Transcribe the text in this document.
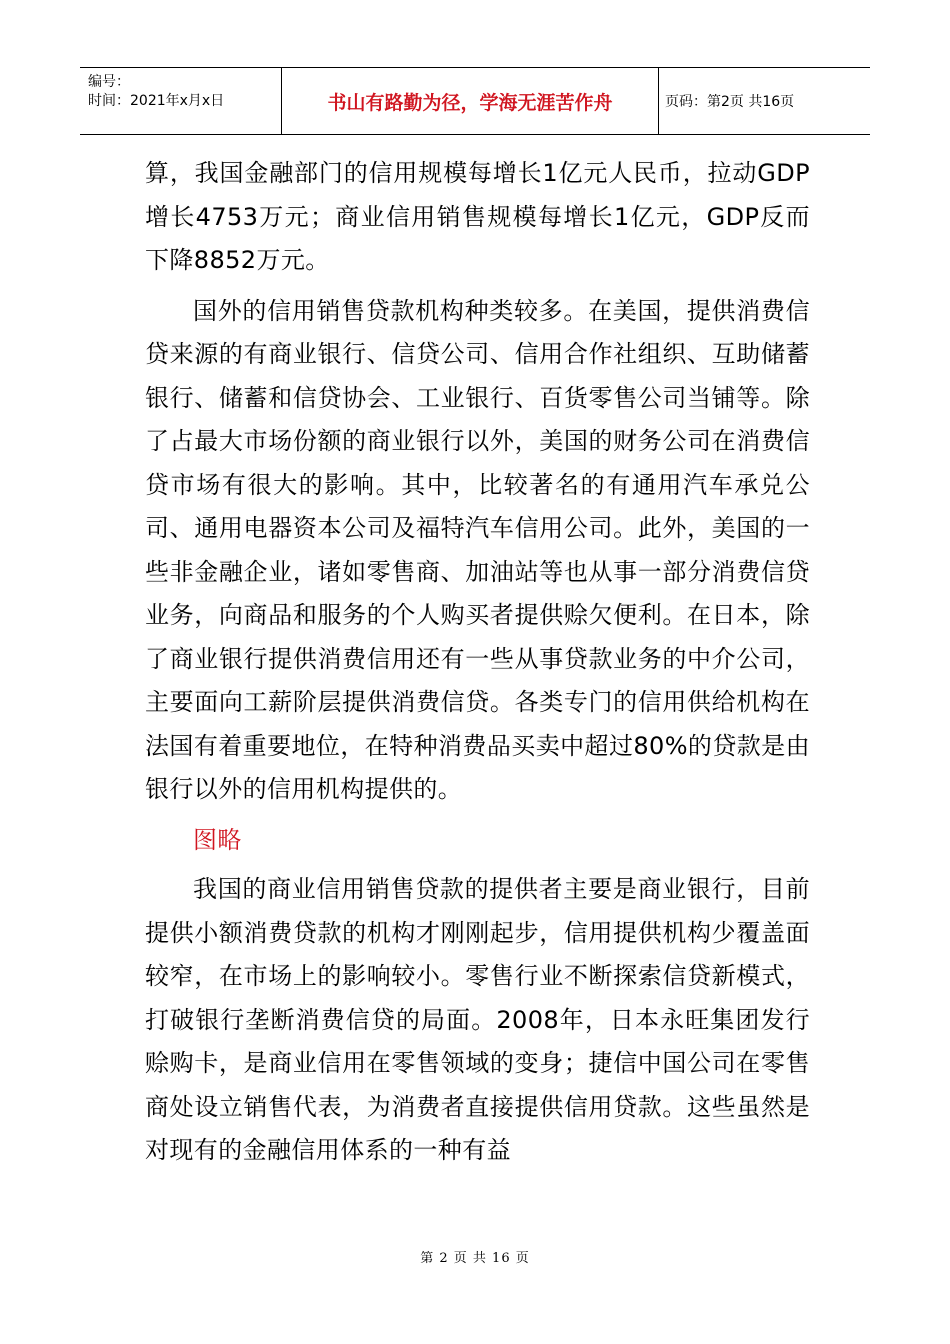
编号：
时间：2021年x月x日	书山有路勤为径，学海无涯苦作舟	页码：第2页 共16页

算，我国金融部门的信用规模每增长1亿元人民币，拉动GDP增长4753万元；商业信用销售规模每增长1亿元，GDP反而下降8852万元。

国外的信用销售贷款机构种类较多。在美国，提供消费信贷来源的有商业银行、信贷公司、信用合作社组织、互助储蓄银行、储蓄和信贷协会、工业银行、百货零售公司当铺等。除了占最大市场份额的商业银行以外，美国的财务公司在消费信贷市场有很大的影响。其中，比较著名的有通用汽车承兑公司、通用电器资本公司及福特汽车信用公司。此外，美国的一些非金融企业，诸如零售商、加油站等也从事一部分消费信贷业务，向商品和服务的个人购买者提供赊欠便利。在日本，除了商业银行提供消费信用还有一些从事贷款业务的中介公司，主要面向工薪阶层提供消费信贷。各类专门的信用供给机构在法国有着重要地位，在特种消费品买卖中超过80%的贷款是由银行以外的信用机构提供的。

图略

我国的商业信用销售贷款的提供者主要是商业银行，目前提供小额消费贷款的机构才刚刚起步，信用提供机构少覆盖面较窄，在市场上的影响较小。零售行业不断探索信贷新模式，打破银行垄断消费信贷的局面。2008年，日本永旺集团发行赊购卡，是商业信用在零售领域的变身；捷信中国公司在零售商处设立销售代表，为消费者直接提供信用贷款。这些虽然是对现有的金融信用体系的一种有益

第 2 页 共 16 页
